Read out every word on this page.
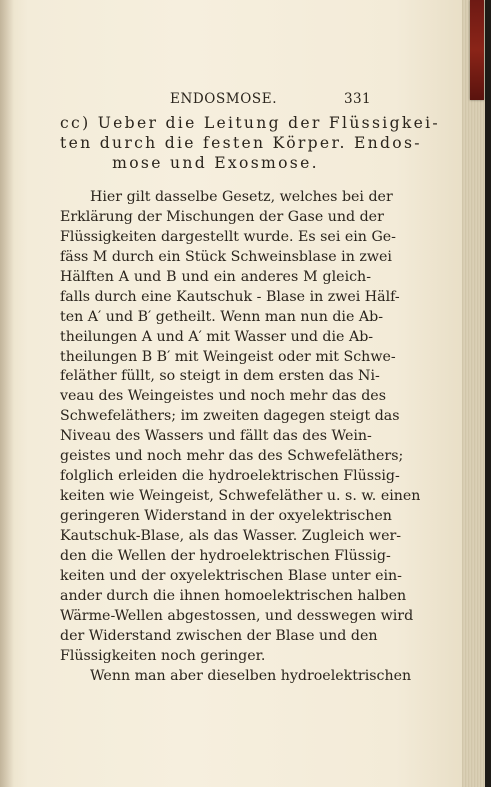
ENDOSMOSE.	331
cc) Ueber die Leitung der Flüssigkei-
ten durch die festen Körper. Endos-
mose und Exosmose.
Hier gilt dasselbe Gesetz, welches bei der
Erklärung der Mischungen der Gase und der
Flüssigkeiten dargestellt wurde. Es sei ein Ge-
fäss M durch ein Stück Schweinsblase in zwei
Hälften A und B und ein anderes M gleich-
falls durch eine Kautschuk - Blase in zwei Hälf-
ten A′ und B′ getheilt. Wenn man nun die Ab-
theilungen A und A′ mit Wasser und die Ab-
theilungen B B′ mit Weingeist oder mit Schwe-
feläther füllt, so steigt in dem ersten das Ni-
veau des Weingeistes und noch mehr das des
Schwefeläthers; im zweiten dagegen steigt das
Niveau des Wassers und fällt das des Wein-
geistes und noch mehr das des Schwefeläthers;
folglich erleiden die hydroelektrischen Flüssig-
keiten wie Weingeist, Schwefeläther u. s. w. einen
geringeren Widerstand in der oxyelektrischen
Kautschuk-Blase, als das Wasser. Zugleich wer-
den die Wellen der hydroelektrischen Flüssig-
keiten und der oxyelektrischen Blase unter ein-
ander durch die ihnen homoelektrischen halben
Wärme-Wellen abgestossen, und desswegen wird
der Widerstand zwischen der Blase und den
Flüssigkeiten noch geringer.
Wenn man aber dieselben hydroelektrischen
